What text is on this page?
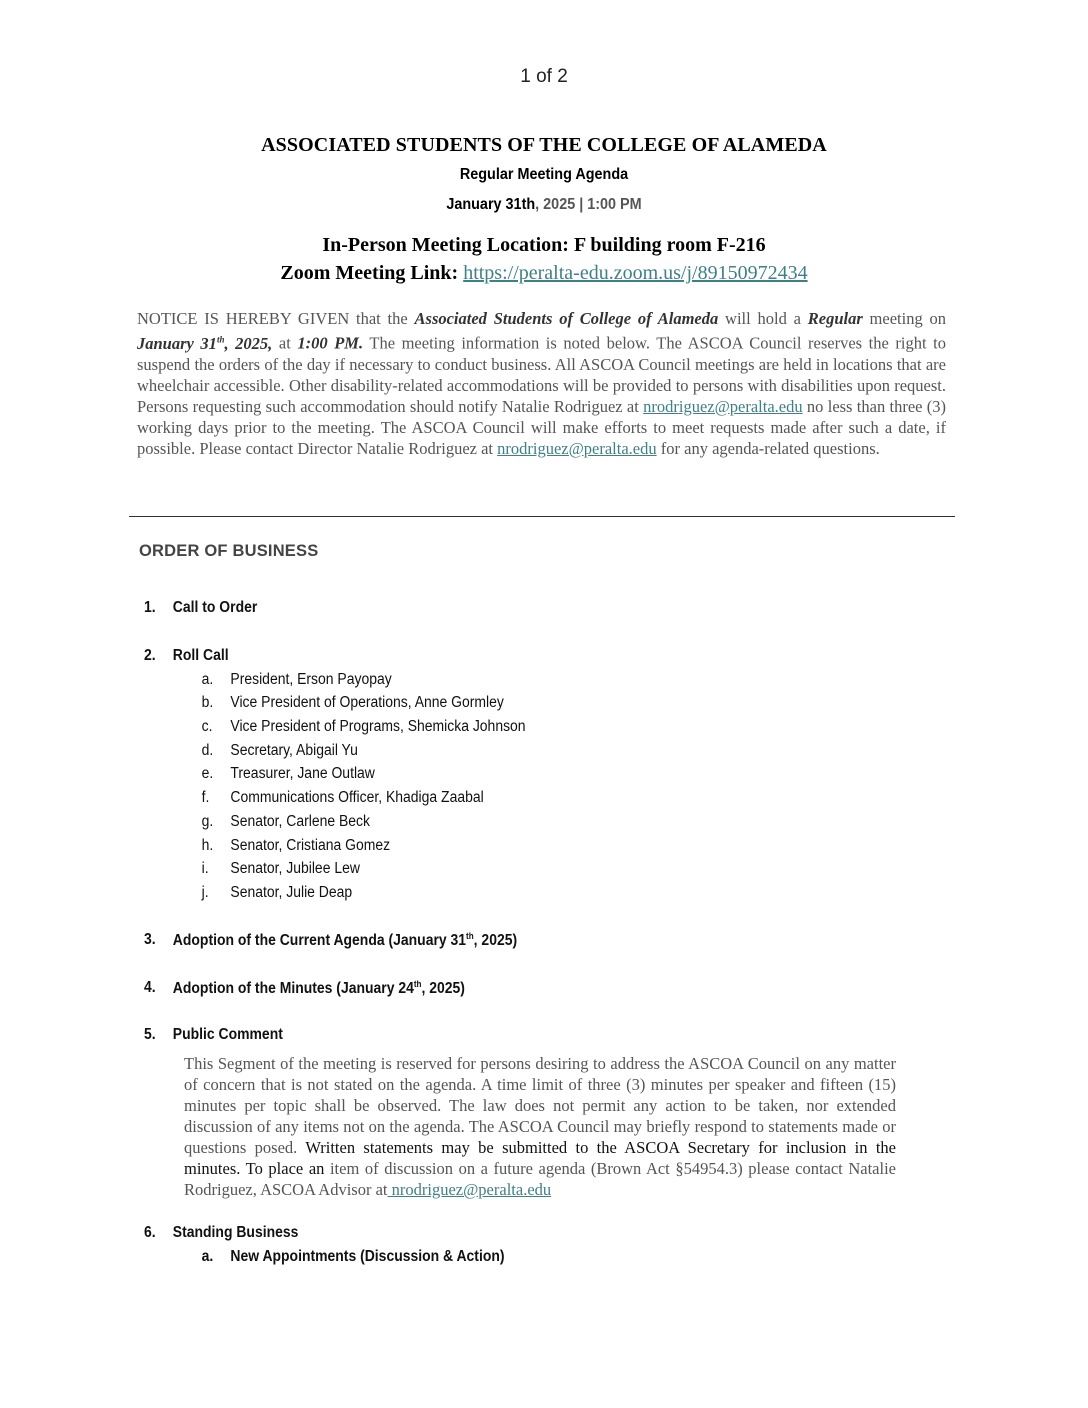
1 of 2
ASSOCIATED STUDENTS OF THE COLLEGE OF ALAMEDA
Regular Meeting Agenda
January 31th, 2025 | 1:00 PM
In-Person Meeting Location: F building room F-216
Zoom Meeting Link: https://peralta-edu.zoom.us/j/89150972434
NOTICE IS HEREBY GIVEN that the Associated Students of College of Alameda will hold a Regular meeting on January 31th, 2025, at 1:00 PM. The meeting information is noted below. The ASCOA Council reserves the right to suspend the orders of the day if necessary to conduct business. All ASCOA Council meetings are held in locations that are wheelchair accessible. Other disability-related accommodations will be provided to persons with disabilities upon request. Persons requesting such accommodation should notify Natalie Rodriguez at nrodriguez@peralta.edu no less than three (3) working days prior to the meeting. The ASCOA Council will make efforts to meet requests made after such a date, if possible. Please contact Director Natalie Rodriguez at nrodriguez@peralta.edu for any agenda-related questions.
ORDER OF BUSINESS
1. Call to Order
2. Roll Call
a. President, Erson Payopay
b. Vice President of Operations, Anne Gormley
c. Vice President of Programs, Shemicka Johnson
d. Secretary, Abigail Yu
e. Treasurer, Jane Outlaw
f. Communications Officer, Khadiga Zaabal
g. Senator, Carlene Beck
h. Senator, Cristiana Gomez
i. Senator, Jubilee Lew
j. Senator, Julie Deap
3. Adoption of the Current Agenda (January 31th, 2025)
4. Adoption of the Minutes (January 24th, 2025)
5. Public Comment
This Segment of the meeting is reserved for persons desiring to address the ASCOA Council on any matter of concern that is not stated on the agenda. A time limit of three (3) minutes per speaker and fifteen (15) minutes per topic shall be observed. The law does not permit any action to be taken, nor extended discussion of any items not on the agenda. The ASCOA Council may briefly respond to statements made or questions posed. Written statements may be submitted to the ASCOA Secretary for inclusion in the minutes. To place an item of discussion on a future agenda (Brown Act §54954.3) please contact Natalie Rodriguez, ASCOA Advisor at nrodriguez@peralta.edu
6. Standing Business
a. New Appointments (Discussion & Action)
